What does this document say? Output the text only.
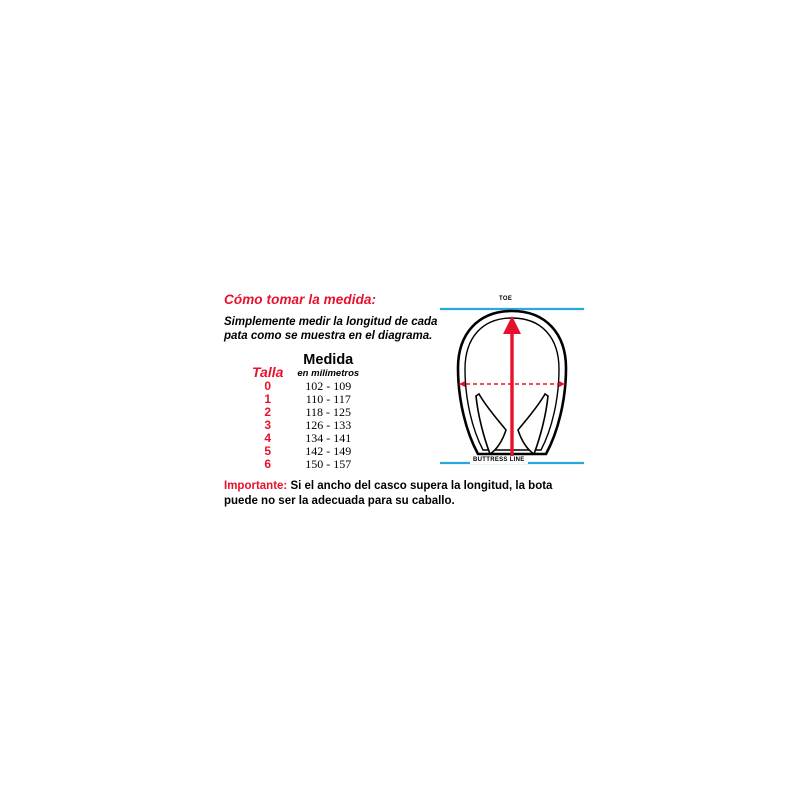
Cómo tomar la medida:
Simplemente medir la longitud de cada pata como se muestra en el diagrama.
Talla	Medida
en milimetros

0	102 - 109
1	110 - 117
2	118 - 125
3	126 - 133
4	134 - 141
5	142 - 149
6	150 - 157
Importante: Si el ancho del casco supera la longitud, la bota puede no ser la adecuada para su caballo.
TOE
BUTTRESS LINE
